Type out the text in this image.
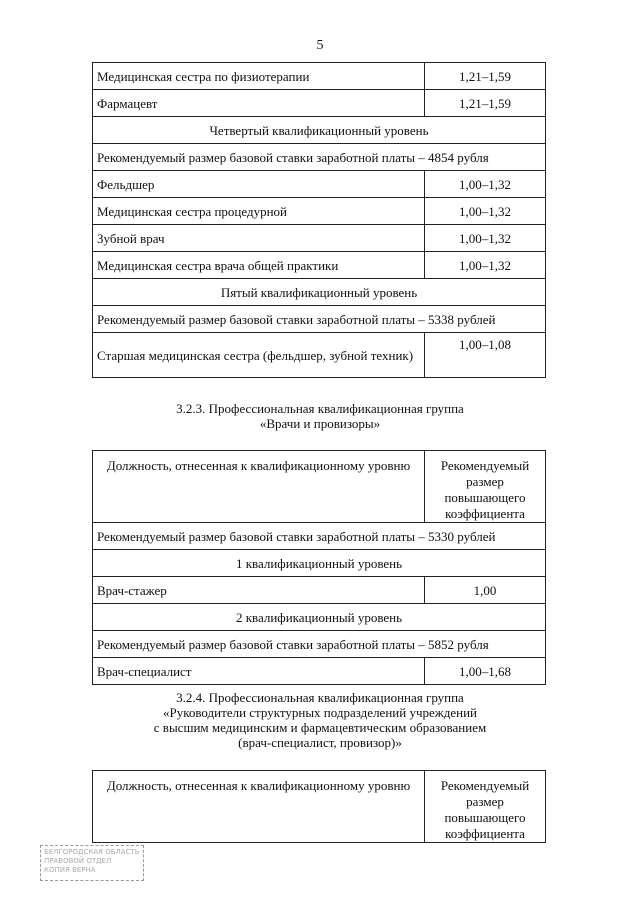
5
Медицинская сестра по физиотерапии	1,21–1,59
Фармацевт	1,21–1,59
Четвертый квалификационный уровень	
Рекомендуемый размер базовой ставки заработной платы – 4854 рубля	
Фельдшер	1,00–1,32
Медицинская сестра процедурной	1,00–1,32
Зубной врач	1,00–1,32
Медицинская сестра врача общей практики	1,00–1,32
Пятый квалификационный уровень	
Рекомендуемый размер базовой ставки заработной платы – 5338 рублей	
Старшая медицинская сестра (фельдшер, зубной техник)	1,00–1,08
3.2.3. Профессиональная квалификационная группа
«Врачи и провизоры»
Должность, отнесенная к квалификационному уровню	Рекомендуемый размер повышающего коэффициента
Рекомендуемый размер базовой ставки заработной платы – 5330 рублей	
1 квалификационный уровень	
Врач-стажер	1,00
2 квалификационный уровень	
Рекомендуемый размер базовой ставки заработной платы – 5852 рубля	
Врач-специалист	1,00–1,68
3.2.4. Профессиональная квалификационная группа
«Руководители структурных подразделений учреждений
с высшим медицинским и фармацевтическим образованием
(врач-специалист, провизор)»
Должность, отнесенная к квалификационному уровню	Рекомендуемый размер повышающего коэффициента
БЕЛГОРОДСКАЯ ОБЛАСТЬ
ПРАВОВОЙ ОТДЕЛ
КОПИЯ ВЕРНА
